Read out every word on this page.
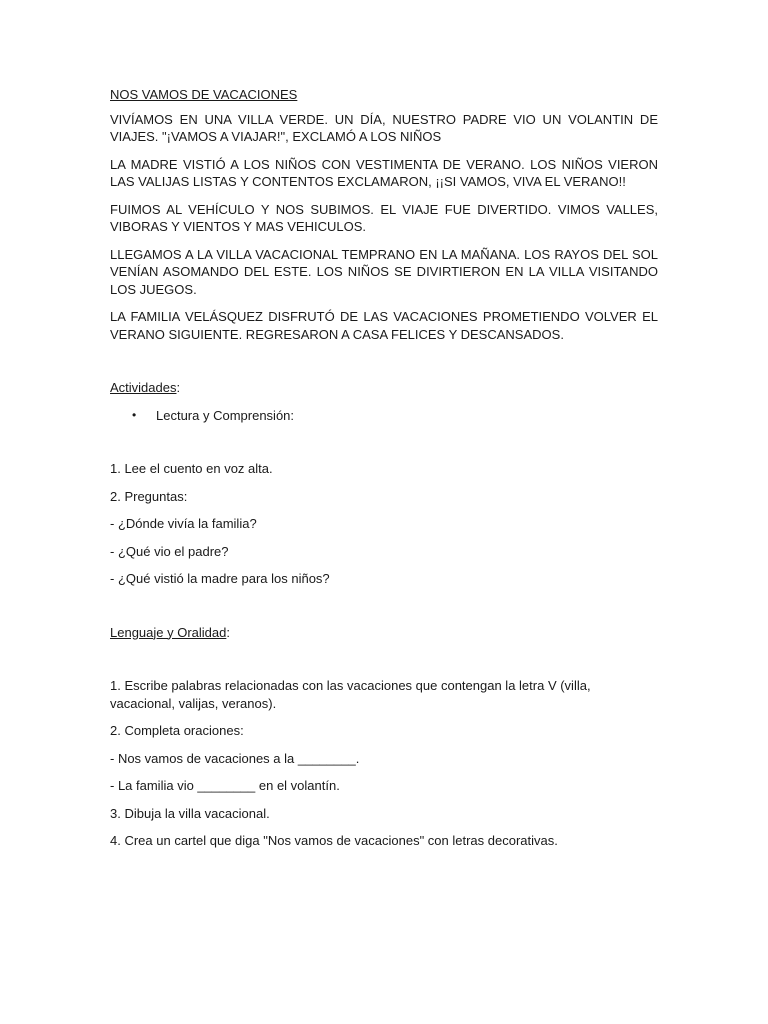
NOS VAMOS DE VACACIONES
VIVÍAMOS EN UNA VILLA VERDE. UN DÍA, NUESTRO PADRE VIO UN VOLANTIN DE VIAJES. "¡VAMOS A VIAJAR!", EXCLAMÓ A LOS NIÑOS
LA MADRE VISTIÓ A LOS NIÑOS CON VESTIMENTA DE VERANO. LOS NIÑOS VIERON LAS VALIJAS LISTAS Y CONTENTOS EXCLAMARON, ¡¡SI VAMOS, VIVA EL VERANO!!
FUIMOS AL VEHÍCULO Y NOS SUBIMOS. EL VIAJE FUE DIVERTIDO. VIMOS VALLES, VIBORAS Y VIENTOS Y MAS VEHICULOS.
LLEGAMOS A LA VILLA VACACIONAL TEMPRANO EN LA MAÑANA. LOS RAYOS DEL SOL VENÍAN ASOMANDO DEL ESTE. LOS NIÑOS SE DIVIRTIERON EN LA VILLA VISITANDO LOS JUEGOS.
LA FAMILIA VELÁSQUEZ DISFRUTÓ DE LAS VACACIONES PROMETIENDO VOLVER EL VERANO SIGUIENTE. REGRESARON A CASA FELICES Y DESCANSADOS.
Actividades:
•	Lectura y Comprensión:
1. Lee el cuento en voz alta.
2. Preguntas:
- ¿Dónde vivía la familia?
- ¿Qué vio el padre?
- ¿Qué vistió la madre para los niños?
Lenguaje y Oralidad:
1. Escribe palabras relacionadas con las vacaciones que contengan la letra V (villa, vacacional, valijas, veranos).
2. Completa oraciones:
- Nos vamos de vacaciones a la ________.
- La familia vio ________ en el volantín.
3. Dibuja la villa vacacional.
4. Crea un cartel que diga "Nos vamos de vacaciones" con letras decorativas.
